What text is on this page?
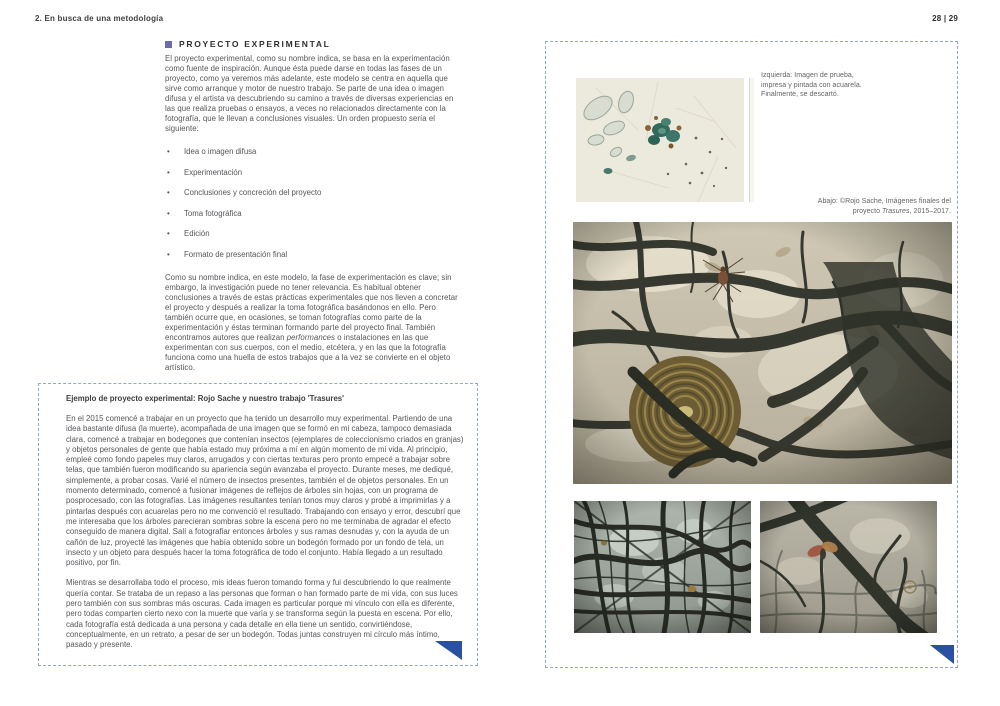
2. En busca de una metodología	28 | 29
PROYECTO EXPERIMENTAL

El proyecto experimental, como su nombre indica, se basa en la experimentación como fuente de inspiración. Aunque ésta puede darse en todas las fases de un proyecto, como ya veremos más adelante, este modelo se centra en aquella que sirve como arranque y motor de nuestro trabajo. Se parte de una idea o imagen difusa y el artista va descubriendo su camino a través de diversas experiencias en las que realiza pruebas o ensayos, a veces no relacionados directamente con la fotografía, que le llevan a conclusiones visuales. Un orden propuesto sería el siguiente:

• Idea o imagen difusa
• Experimentación
• Conclusiones y concreción del proyecto
• Toma fotográfica
• Edición
• Formato de presentación final

Como su nombre indica, en este modelo, la fase de experimentación es clave; sin embargo, la investigación puede no tener relevancia. Es habitual obtener conclusiones a través de estas prácticas experimentales que nos lleven a concretar el proyecto y después a realizar la toma fotográfica basándonos en ello. Pero también ocurre que, en ocasiones, se toman fotografías como parte de la experimentación y éstas terminan formando parte del proyecto final. También encontramos autores que realizan performances o instalaciones en las que experimentan con sus cuerpos, con el medio, etcétera, y en las que la fotografía funciona como una huella de estos trabajos que a la vez se convierte en el objeto artístico.

Ejemplo de proyecto experimental: Rojo Sache y nuestro trabajo 'Trasures'

En el 2015 comencé a trabajar en un proyecto que ha tenido un desarrollo muy experimental. Partiendo de una idea bastante difusa (la muerte), acompañada de una imagen que se formó en mi cabeza, tampoco demasiada clara, comencé a trabajar en bodegones que contenían insectos (ejemplares de coleccionismo criados en granjas) y objetos personales de gente que había estado muy próxima a mí en algún momento de mi vida. Al principio, empleé como fondo papeles muy claros, arrugados y con ciertas texturas pero pronto empecé a trabajar sobre telas, que también fueron modificando su apariencia según avanzaba el proyecto. Durante meses, me dediqué, simplemente, a probar cosas. Varié el número de insectos presentes, también el de objetos personales. En un momento determinado, comencé a fusionar imágenes de reflejos de árboles sin hojas, con un programa de posprocesado, con las fotografías. Las imágenes resultantes tenían tonos muy claros y probé a imprimirlas y a pintarlas después con acuarelas pero no me convenció el resultado. Trabajando con ensayo y error, descubrí que me interesaba que los árboles parecieran sombras sobre la escena pero no me terminaba de agradar el efecto conseguido de manera digital. Salí a fotografiar entonces árboles y sus ramas desnudas y, con la ayuda de un cañón de luz, proyecté las imágenes que había obtenido sobre un bodegón formado por un fondo de tela, un insecto y un objeto para después hacer la toma fotográfica de todo el conjunto. Había llegado a un resultado positivo, por fin.

Mientras se desarrollaba todo el proceso, mis ideas fueron tomando forma y fui descubriendo lo que realmente quería contar. Se trataba de un repaso a las personas que forman o han formado parte de mi vida, con sus luces pero también con sus sombras más oscuras. Cada imagen es particular porque mi vínculo con ella es diferente, pero todas comparten cierto nexo con la muerte que varía y se transforma según la puesta en escena. Por ello, cada fotografía está dedicada a una persona y cada detalle en ella tiene un sentido, convirtiéndose, conceptualmente, en un retrato, a pesar de ser un bodegón. Todas juntas construyen mi círculo más íntimo, pasado y presente.

Izquierda: Imagen de prueba,
impresa y pintada con acuarela.
Finalmente, se descartó.
Abajo: ©Rojo Sache, Imágenes finales del
proyecto Trasures, 2015–2017.
